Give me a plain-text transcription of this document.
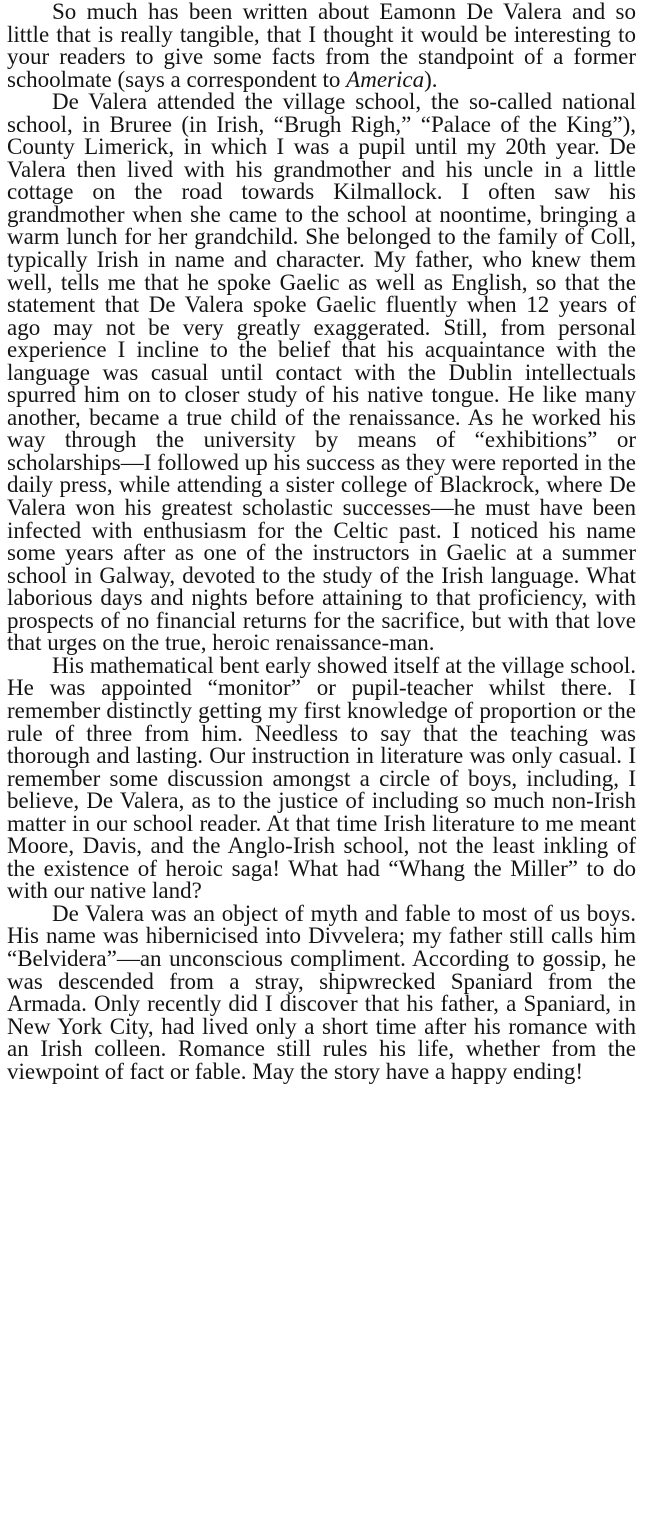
So much has been written about Eamonn De Valera and so little that is really tangible, that I thought it would be interesting to your readers to give some facts from the standpoint of a former schoolmate (says a correspondent to America).

De Valera attended the village school, the so-called national school, in Bruree (in Irish, “Brugh Righ,” “Palace of the King”), County Limerick, in which I was a pupil until my 20th year. De Valera then lived with his grandmother and his uncle in a little cottage on the road towards Kilmallock. I often saw his grandmother when she came to the school at noontime, bringing a warm lunch for her grandchild. She belonged to the family of Coll, typically Irish in name and character. My father, who knew them well, tells me that he spoke Gaelic as well as English, so that the statement that De Valera spoke Gaelic fluently when 12 years of ago may not be very greatly exaggerated. Still, from personal experience I incline to the belief that his acquaintance with the language was casual until contact with the Dublin intellectuals spurred him on to closer study of his native tongue. He like many another, became a true child of the renaissance. As he worked his way through the university by means of “exhibitions” or scholarships—I followed up his success as they were reported in the daily press, while attending a sister college of Blackrock, where De Valera won his greatest scholastic successes—he must have been infected with enthusiasm for the Celtic past. I noticed his name some years after as one of the instructors in Gaelic at a summer school in Galway, devoted to the study of the Irish language. What laborious days and nights before attaining to that proficiency, with prospects of no financial returns for the sacrifice, but with that love that urges on the true, heroic renaissance-man.

His mathematical bent early showed itself at the village school. He was appointed “monitor” or pupil-teacher whilst there. I remember distinctly getting my first knowledge of proportion or the rule of three from him. Needless to say that the teaching was thorough and lasting. Our instruction in literature was only casual. I remember some discussion amongst a circle of boys, including, I believe, De Valera, as to the justice of including so much non-Irish matter in our school reader. At that time Irish literature to me meant Moore, Davis, and the Anglo-Irish school, not the least inkling of the existence of heroic saga! What had “Whang the Miller” to do with our native land?

De Valera was an object of myth and fable to most of us boys. His name was hibernicised into Divvelera; my father still calls him “Belvidera”—an unconscious compliment. According to gossip, he was descended from a stray, shipwrecked Spaniard from the Armada. Only recently did I discover that his father, a Spaniard, in New York City, had lived only a short time after his romance with an Irish colleen. Romance still rules his life, whether from the viewpoint of fact or fable. May the story have a happy ending!
